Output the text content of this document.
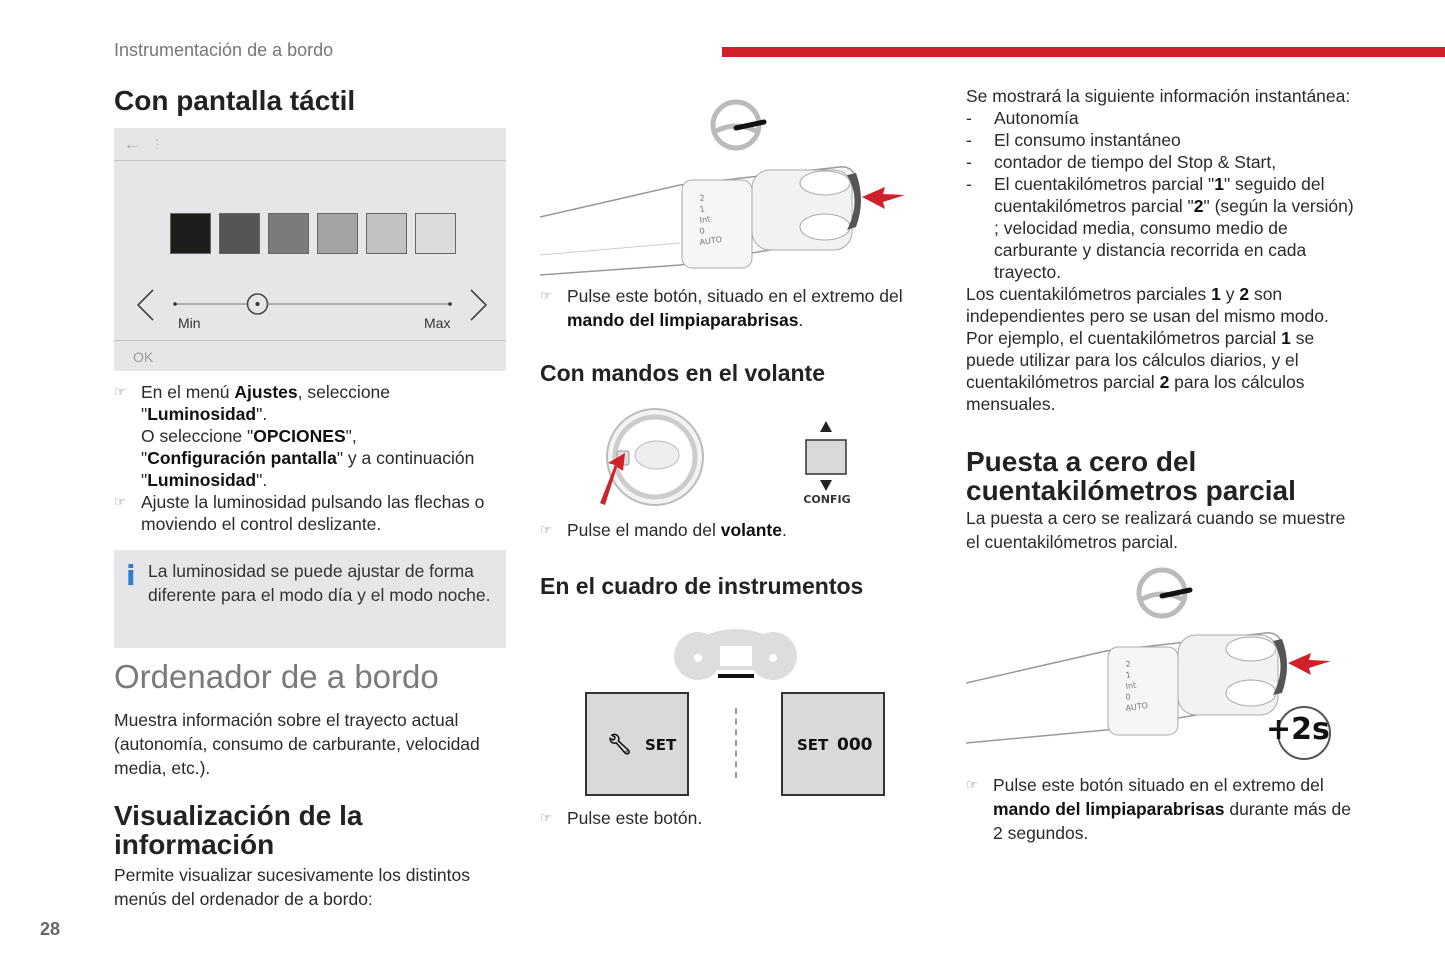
Instrumentación de a bordo
Con pantalla táctil
← ⋮
Min	Max
OK
☞ En el menú Ajustes, seleccione
"Luminosidad".
O seleccione "OPCIONES",
"Configuración pantalla" y a continuación
"Luminosidad".
☞ Ajuste la luminosidad pulsando las flechas o moviendo el control deslizante.
i La luminosidad se puede ajustar de forma diferente para el modo día y el modo noche.
Ordenador de a bordo
Muestra información sobre el trayecto actual (autonomía, consumo de carburante, velocidad media, etc.).
Visualización de la información
Permite visualizar sucesivamente los distintos menús del ordenador de a bordo:
28
2
1
Int
0
AUTO
☞ Pulse este botón, situado en el extremo del mando del limpiaparabrisas.
Con mandos en el volante
CONFIG
☞ Pulse el mando del volante.
En el cuadro de instrumentos
🔧︎ SET	SET 000
☞ Pulse este botón.
Se mostrará la siguiente información instantánea:
- Autonomía
- El consumo instantáneo
- contador de tiempo del Stop & Start,
- El cuentakilómetros parcial "1" seguido del cuentakilómetros parcial "2" (según la versión) ; velocidad media, consumo medio de carburante y distancia recorrida en cada trayecto.
Los cuentakilómetros parciales 1 y 2 son independientes pero se usan del mismo modo. Por ejemplo, el cuentakilómetros parcial 1 se puede utilizar para los cálculos diarios, y el cuentakilómetros parcial 2 para los cálculos mensuales.
Puesta a cero del cuentakilómetros parcial
La puesta a cero se realizará cuando se muestre el cuentakilómetros parcial.
2
1
Int
0
AUTO
+2s
☞ Pulse este botón situado en el extremo del mando del limpiaparabrisas durante más de 2 segundos.
